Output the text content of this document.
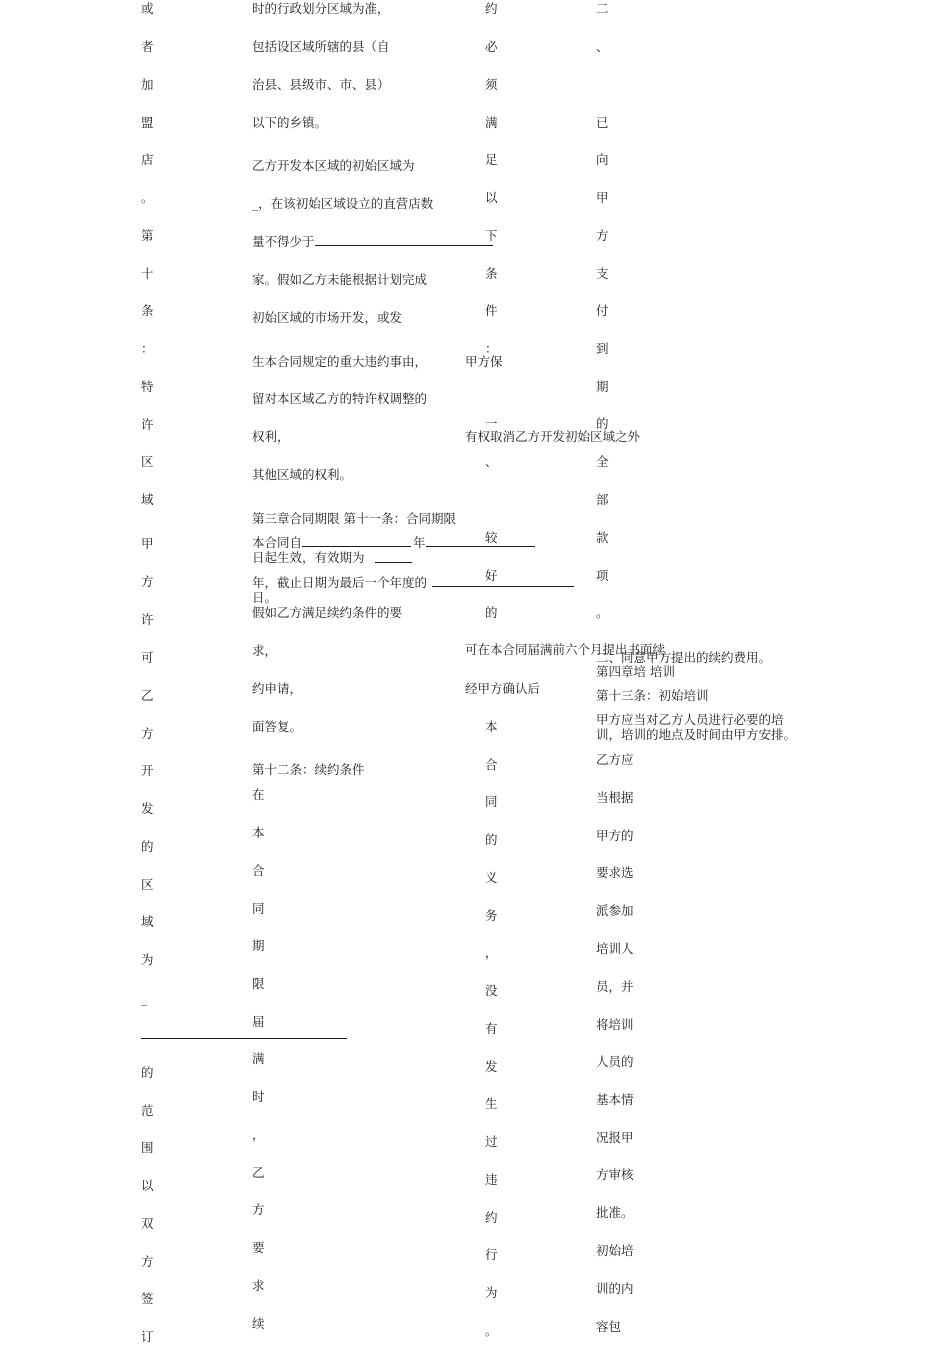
或
者
加
盟
店
。
第
十
条
：
特
许
区
域
甲
方
许
可
乙
方
开
发
的
区
域
为
_
的
范
围
以
双
方
签
订
时的行政划分区域为准，
包括设区域所辖的县（自
治县、县级市、市、县）
以下的乡镇。
乙方开发本区域的初始区域为
_，在该初始区域设立的直营店数
量不得少于
家。假如乙方未能根据计划完成
初始区域的市场开发，或发
生本合同规定的重大违约事由，
留对本区域乙方的特许权调整的
权利，
其他区域的权利。
第三章合同期限 第十一条：合同期限
本合同自	年
日起生效，有效期为
年，截止日期为最后一个年度的
日。
假如乙方满足续约条件的要
求，
约申请，
面答复。
第十二条：续约条件
在
本
合
同
期
限
届
满
时
，
乙
方
要
求
续
约
必
须
满
足
以
下
条
件
：
一
、
较
好
的

本
合
同
的
义
务
，
没
有
发
生
过
违
约
行
为
。
甲方保
有权取消乙方开发初始区域之外
可在本合同届满前六个月提出书面续
经甲方确认后
二
、
已
向
甲
方
支
付
到
期
的
全
部
款
项
。
二、同意甲方提出的续约费用。
第四章培 培训
第十三条：初始培训
甲方应当对乙方人员进行必要的培
训，培训的地点及时间由甲方安排。
乙方应
当根据
甲方的
要求选
派参加
培训人
员，并
将培训
人员的
基本情
况报甲
方审核
批准。
初始培
训的内
容包
